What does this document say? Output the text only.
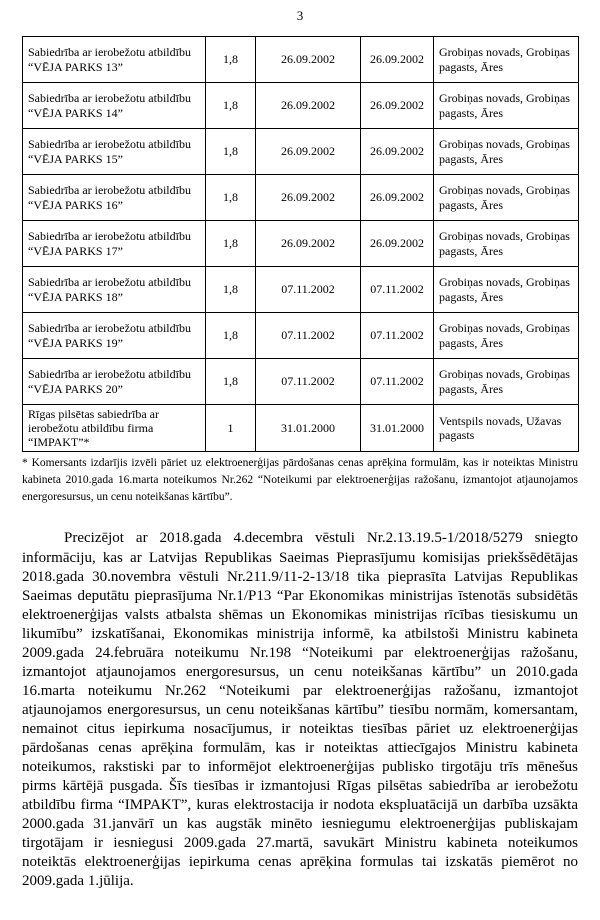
3
Sabiedrība ar ierobežotu atbildību “VĒJA PARKS 13”	1,8	26.09.2002	26.09.2002	Grobiņas novads, Grobiņas pagasts, Āres
Sabiedrība ar ierobežotu atbildību “VĒJA PARKS 14”	1,8	26.09.2002	26.09.2002	Grobiņas novads, Grobiņas pagasts, Āres
Sabiedrība ar ierobežotu atbildību “VĒJA PARKS 15”	1,8	26.09.2002	26.09.2002	Grobiņas novads, Grobiņas pagasts, Āres
Sabiedrība ar ierobežotu atbildību “VĒJA PARKS 16”	1,8	26.09.2002	26.09.2002	Grobiņas novads, Grobiņas pagasts, Āres
Sabiedrība ar ierobežotu atbildību “VĒJA PARKS 17”	1,8	26.09.2002	26.09.2002	Grobiņas novads, Grobiņas pagasts, Āres
Sabiedrība ar ierobežotu atbildību “VĒJA PARKS 18”	1,8	07.11.2002	07.11.2002	Grobiņas novads, Grobiņas pagasts, Āres
Sabiedrība ar ierobežotu atbildību “VĒJA PARKS 19”	1,8	07.11.2002	07.11.2002	Grobiņas novads, Grobiņas pagasts, Āres
Sabiedrība ar ierobežotu atbildību “VĒJA PARKS 20”	1,8	07.11.2002	07.11.2002	Grobiņas novads, Grobiņas pagasts, Āres
Rīgas pilsētas sabiedrība ar ierobežotu atbildību firma “IMPAKT”*	1	31.01.2000	31.01.2000	Ventspils novads, Užavas pagasts
* Komersants izdarījis izvēli pāriet uz elektroenerģijas pārdošanas cenas aprēķina formulām, kas ir noteiktas Ministru kabineta 2010.gada 16.marta noteikumos Nr.262 “Noteikumi par elektroenerģijas ražošanu, izmantojot atjaunojamos energoresursus, un cenu noteikšanas kārtību”.
Precizējot ar 2018.gada 4.decembra vēstuli Nr.2.13.19.5-1/2018/5279 sniegto informāciju, kas ar Latvijas Republikas Saeimas Pieprasījumu komisijas priekšsēdētājas 2018.gada 30.novembra vēstuli Nr.211.9/11-2-13/18 tika pieprasīta Latvijas Republikas Saeimas deputātu pieprasījuma Nr.1/P13 “Par Ekonomikas ministrijas īstenotās subsidētās elektroenerģijas valsts atbalsta shēmas un Ekonomikas ministrijas rīcības tiesiskumu un likumību” izskatīšanai, Ekonomikas ministrija informē, ka atbilstoši Ministru kabineta 2009.gada 24.februāra noteikumu Nr.198 “Noteikumi par elektroenerģijas ražošanu, izmantojot atjaunojamos energoresursus, un cenu noteikšanas kārtību” un 2010.gada 16.marta noteikumu Nr.262 “Noteikumi par elektroenerģijas ražošanu, izmantojot atjaunojamos energoresursus, un cenu noteikšanas kārtību” tiesību normām, komersantam, nemainot citus iepirkuma nosacījumus, ir noteiktas tiesības pāriet uz elektroenerģijas pārdošanas cenas aprēķina formulām, kas ir noteiktas attiecīgajos Ministru kabineta noteikumos, rakstiski par to informējot elektroenerģijas publisko tirgotāju trīs mēnešus pirms kārtējā pusgada. Šīs tiesības ir izmantojusi Rīgas pilsētas sabiedrība ar ierobežotu atbildību firma “IMPAKT”, kuras elektrostacija ir nodota ekspluatācijā un darbība uzsākta 2000.gada 31.janvārī un kas augstāk minēto iesniegumu elektroenerģijas publiskajam tirgotājam ir iesniegusi 2009.gada 27.martā, savukārt Ministru kabineta noteikumos noteiktās elektroenerģijas iepirkuma cenas aprēķina formulas tai izskatās piemērot no 2009.gada 1.jūlija.
